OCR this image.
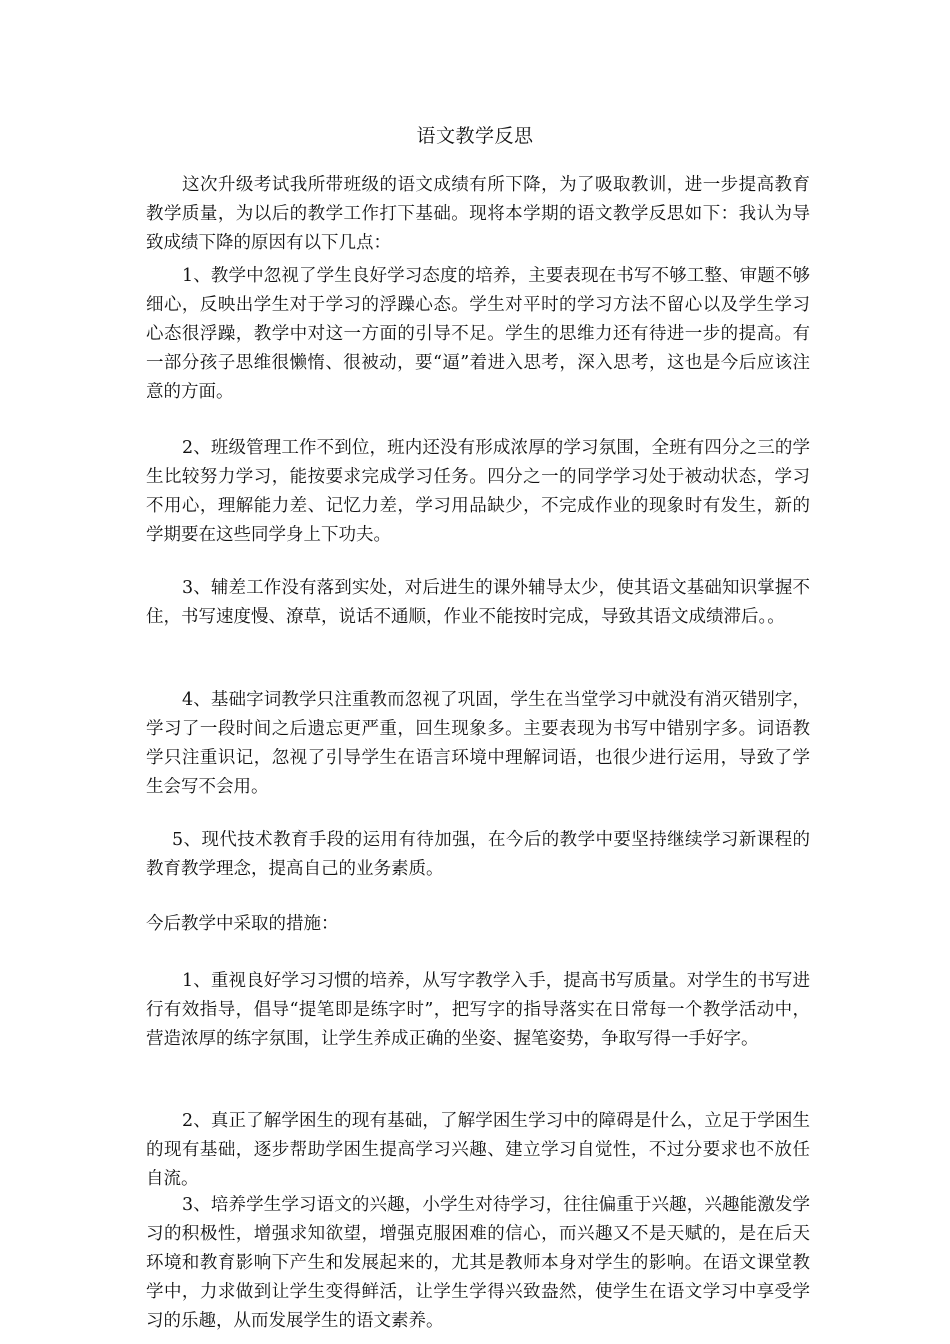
语文教学反思

这次升级考试我所带班级的语文成绩有所下降，为了吸取教训，进一步提高教育教学质量，为以后的教学工作打下基础。现将本学期的语文教学反思如下：我认为导致成绩下降的原因有以下几点：

1、教学中忽视了学生良好学习态度的培养，主要表现在书写不够工整、审题不够细心，反映出学生对于学习的浮躁心态。学生对平时的学习方法不留心以及学生学习心态很浮躁，教学中对这一方面的引导不足。学生的思维力还有待进一步的提高。有一部分孩子思维很懒惰、很被动，要“逼”着进入思考，深入思考，这也是今后应该注意的方面。

2、班级管理工作不到位，班内还没有形成浓厚的学习氛围，全班有四分之三的学生比较努力学习，能按要求完成学习任务。四分之一的同学学习处于被动状态，学习不用心，理解能力差、记忆力差，学习用品缺少，不完成作业的现象时有发生，新的学期要在这些同学身上下功夫。

3、辅差工作没有落到实处，对后进生的课外辅导太少，使其语文基础知识掌握不住，书写速度慢、潦草，说话不通顺，作业不能按时完成，导致其语文成绩滞后。。

4、基础字词教学只注重教而忽视了巩固，学生在当堂学习中就没有消灭错别字，学习了一段时间之后遗忘更严重，回生现象多。主要表现为书写中错别字多。词语教学只注重识记，忽视了引导学生在语言环境中理解词语，也很少进行运用，导致了学生会写不会用。

5、现代技术教育手段的运用有待加强，在今后的教学中要坚持继续学习新课程的教育教学理念，提高自己的业务素质。

今后教学中采取的措施：

1、重视良好学习习惯的培养，从写字教学入手，提高书写质量。对学生的书写进行有效指导，倡导“提笔即是练字时”，把写字的指导落实在日常每一个教学活动中，营造浓厚的练字氛围，让学生养成正确的坐姿、握笔姿势，争取写得一手好字。

2、真正了解学困生的现有基础，了解学困生学习中的障碍是什么，立足于学困生的现有基础，逐步帮助学困生提高学习兴趣、建立学习自觉性，不过分要求也不放任自流。

3、培养学生学习语文的兴趣，小学生对待学习，往往偏重于兴趣，兴趣能激发学习的积极性，增强求知欲望，增强克服困难的信心，而兴趣又不是天赋的，是在后天环境和教育影响下产生和发展起来的，尤其是教师本身对学生的影响。在语文课堂教学中，力求做到让学生变得鲜活，让学生学得兴致盎然，使学生在语文学习中享受学习的乐趣，从而发展学生的语文素养。
